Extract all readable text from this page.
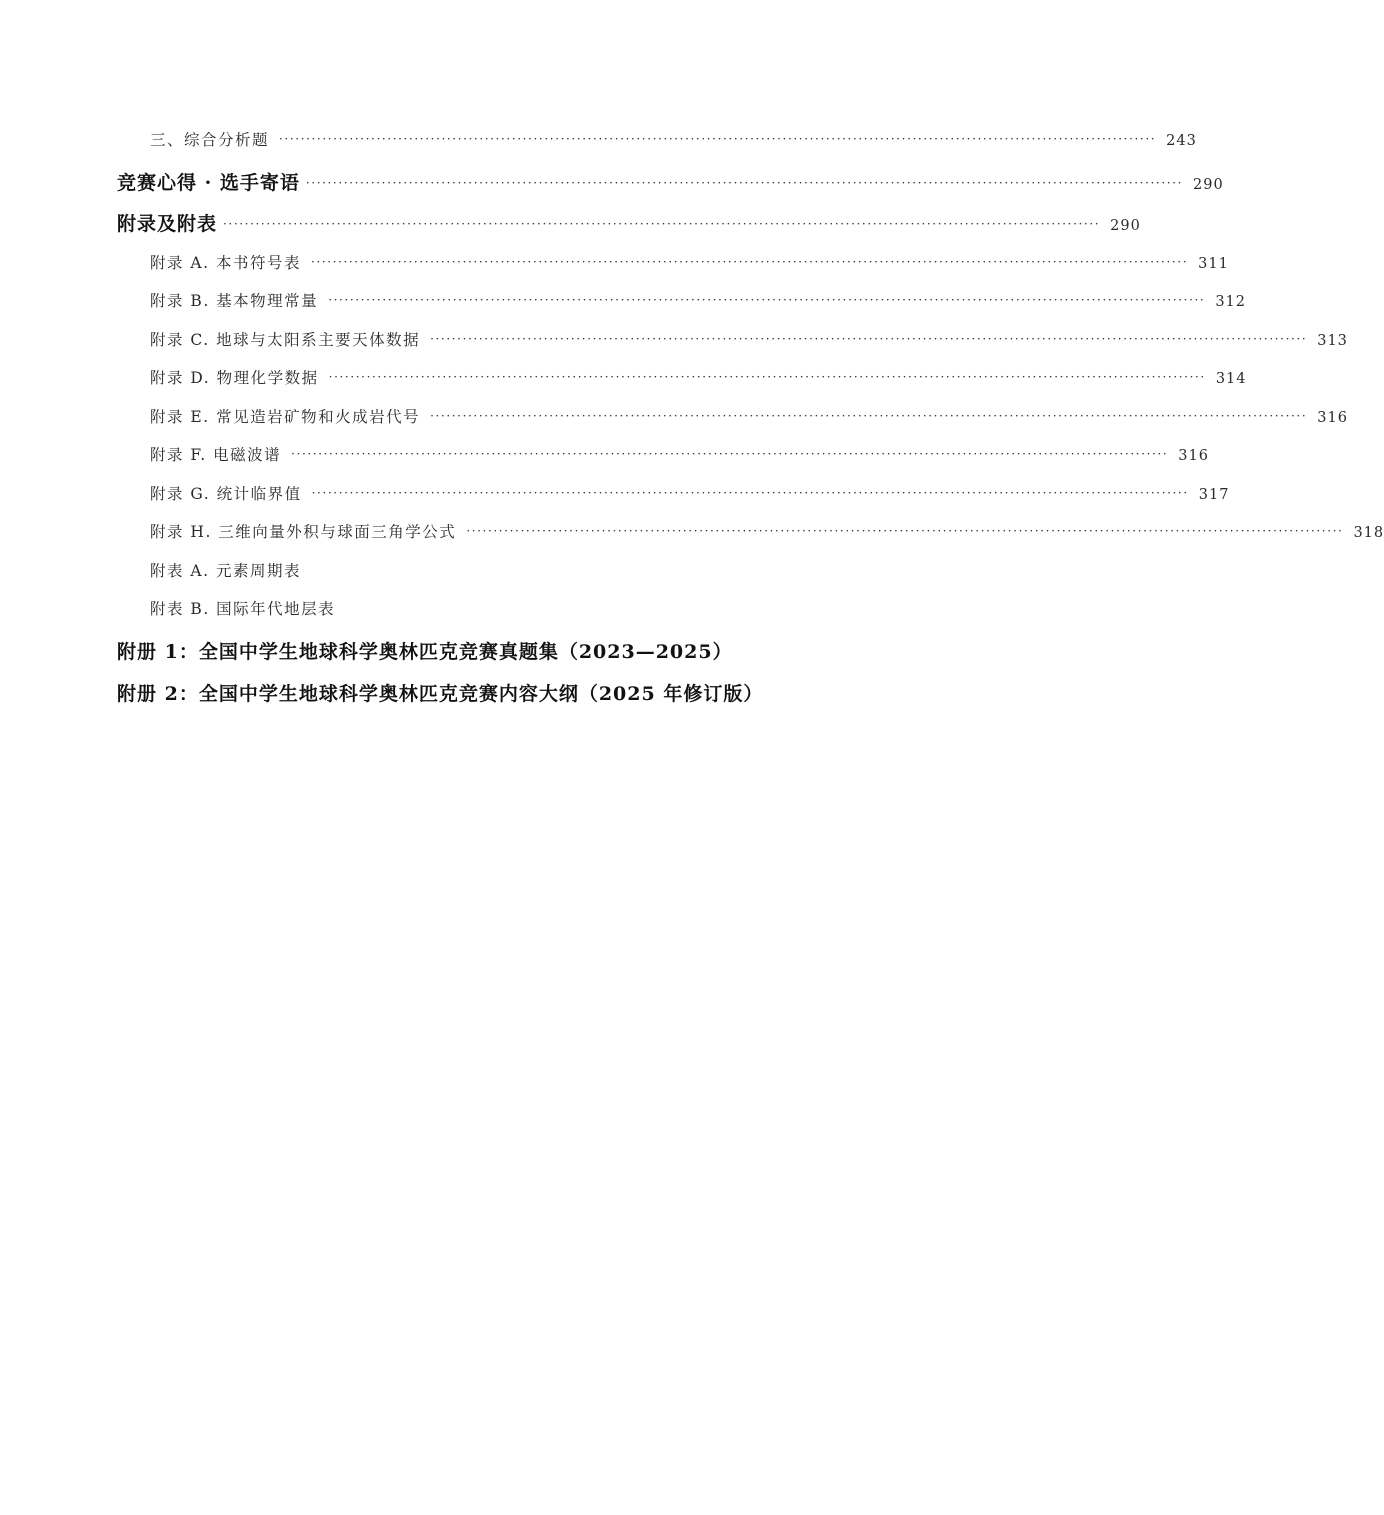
三、综合分析题 ·································································································································································· 243
竞赛心得 · 选手寄语 ·································································································································································· 290
附录及附表 ·································································································································································· 290
附录 A. 本书符号表 ·································································································································································· 311
附录 B. 基本物理常量 ·································································································································································· 312
附录 C. 地球与太阳系主要天体数据 ·································································································································································· 313
附录 D. 物理化学数据 ·································································································································································· 314
附录 E. 常见造岩矿物和火成岩代号 ·································································································································································· 316
附录 F. 电磁波谱 ·································································································································································· 316
附录 G. 统计临界值 ·································································································································································· 317
附录 H. 三维向量外积与球面三角学公式 ·································································································································································· 318
附表 A. 元素周期表
附表 B. 国际年代地层表
附册 1：全国中学生地球科学奥林匹克竞赛真题集（2023—2025）
附册 2：全国中学生地球科学奥林匹克竞赛内容大纲（2025 年修订版）
